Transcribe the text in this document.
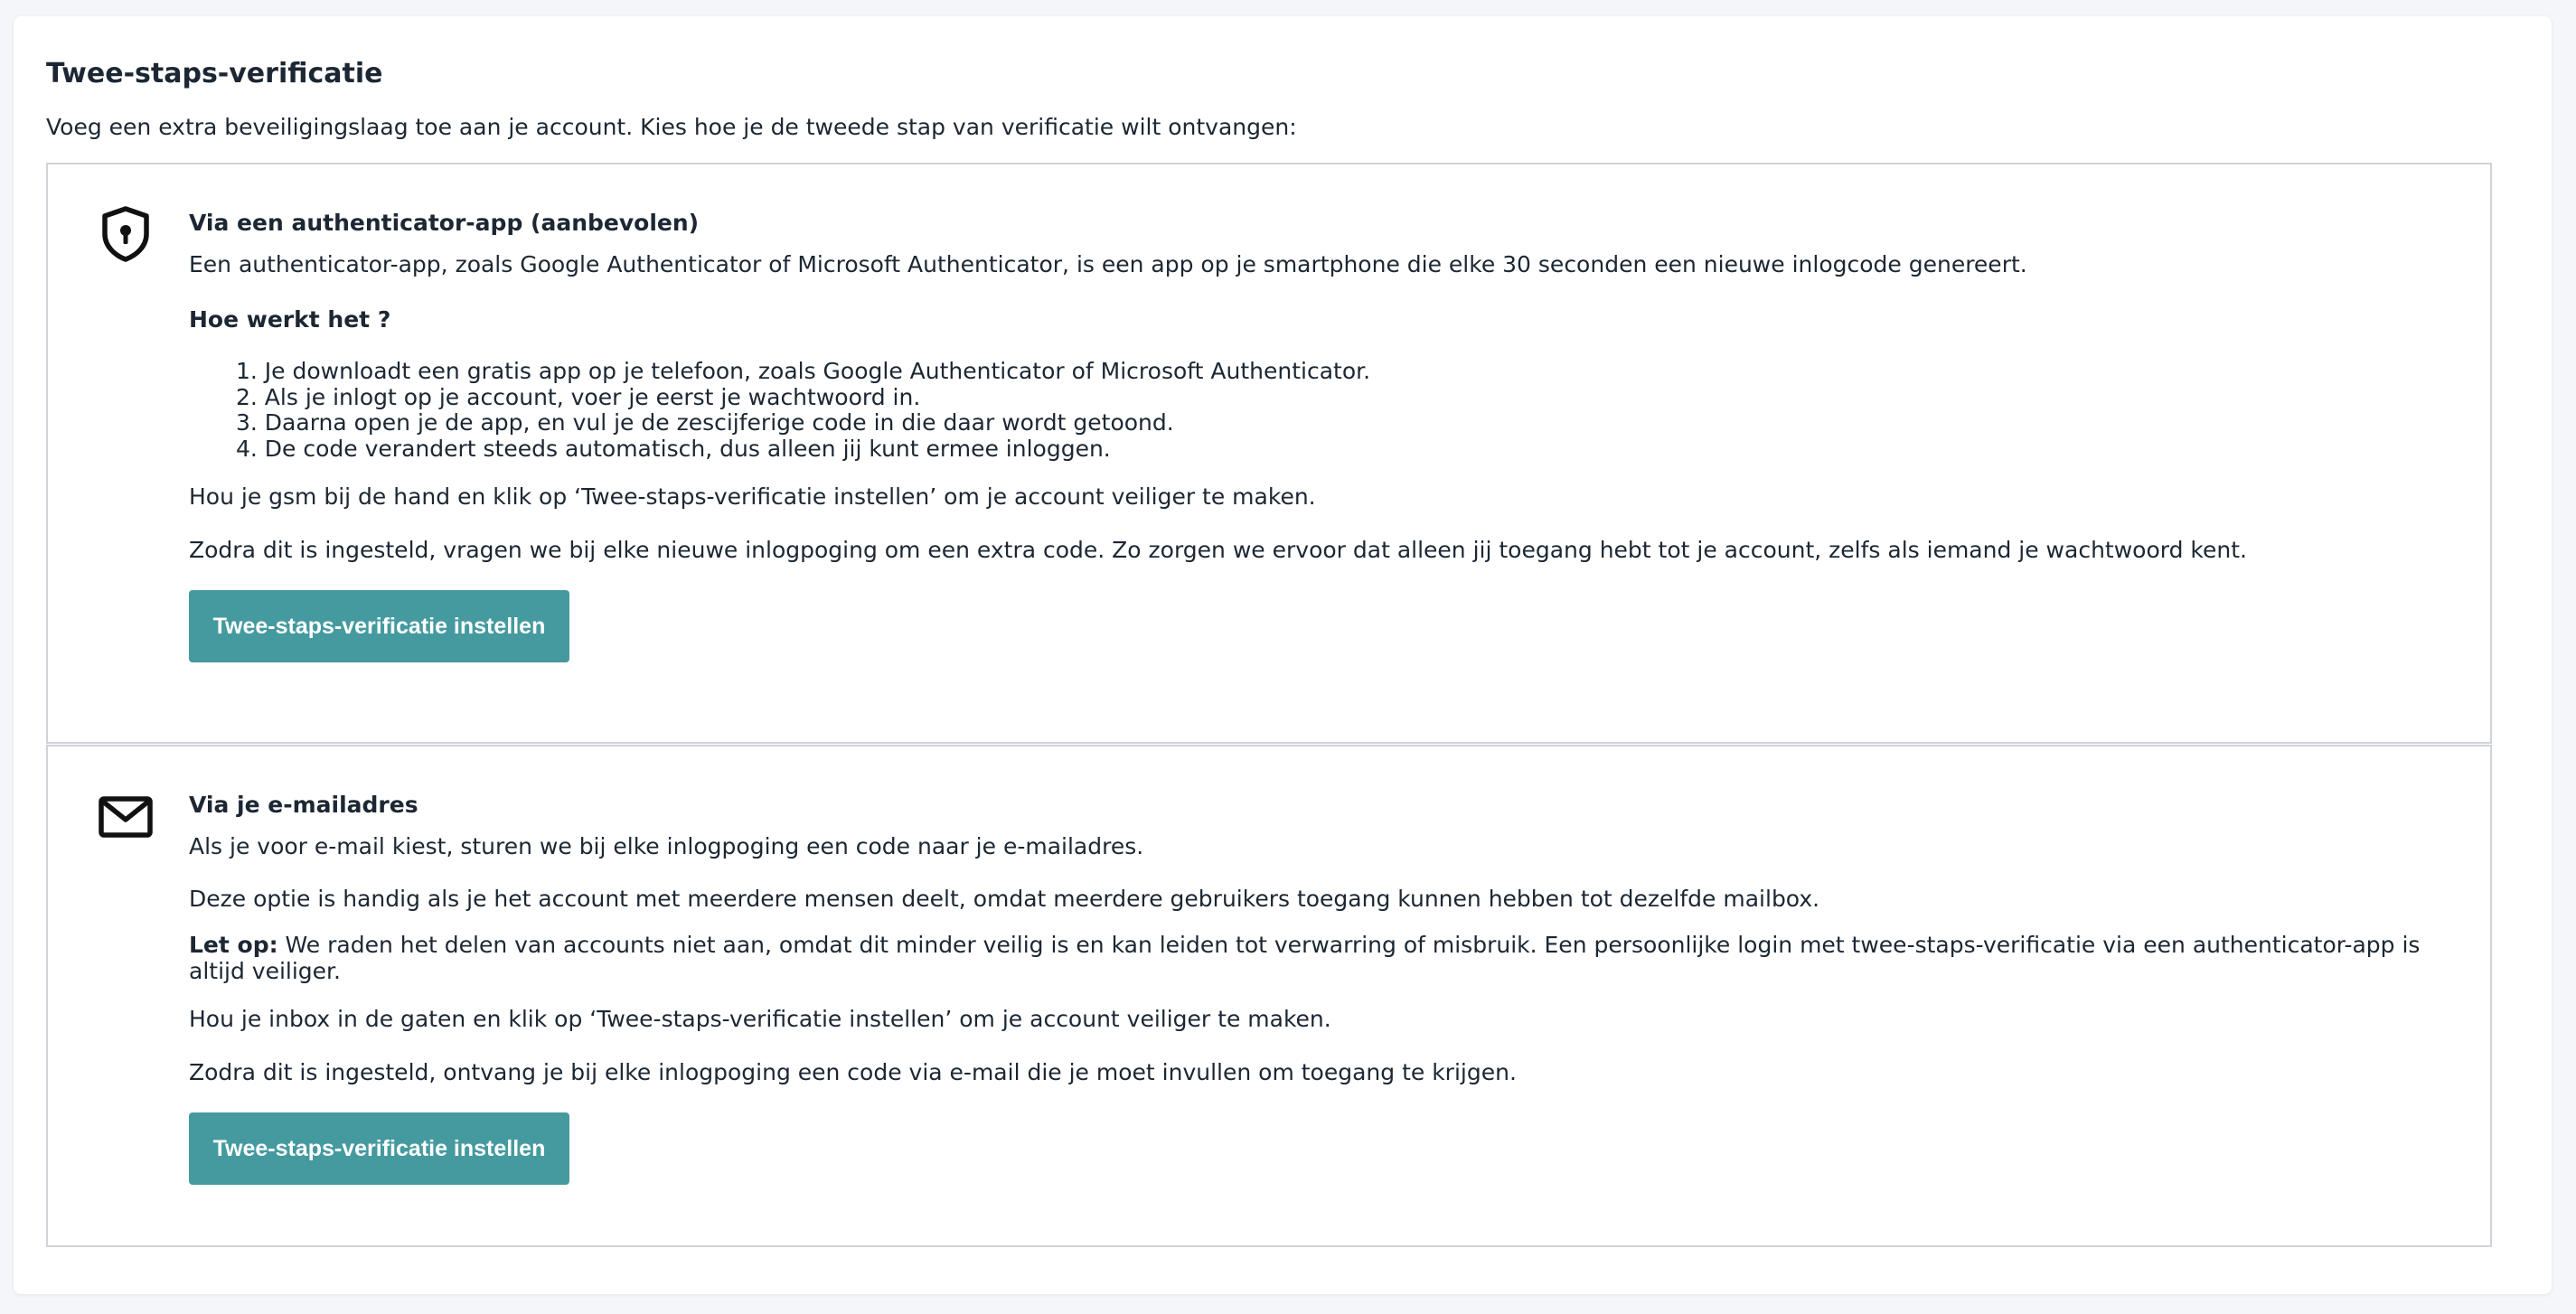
Twee-staps-verificatie

Voeg een extra beveiligingslaag toe aan je account. Kies hoe je de tweede stap van verificatie wilt ontvangen:

Via een authenticator-app (aanbevolen)

Een authenticator-app, zoals Google Authenticator of Microsoft Authenticator, is een app op je smartphone die elke 30 seconden een nieuwe inlogcode genereert.

Hoe werkt het ?
1. Je downloadt een gratis app op je telefoon, zoals Google Authenticator of Microsoft Authenticator.
2. Als je inlogt op je account, voer je eerst je wachtwoord in.
3. Daarna open je de app, en vul je de zescijferige code in die daar wordt getoond.
4. De code verandert steeds automatisch, dus alleen jij kunt ermee inloggen.

Hou je gsm bij de hand en klik op ‘Twee-staps-verificatie instellen’ om je account veiliger te maken.

Zodra dit is ingesteld, vragen we bij elke nieuwe inlogpoging om een extra code. Zo zorgen we ervoor dat alleen jij toegang hebt tot je account, zelfs als iemand je wachtwoord kent.

Twee-staps-verificatie instellen
Via je e-mailadres

Als je voor e-mail kiest, sturen we bij elke inlogpoging een code naar je e-mailadres.

Deze optie is handig als je het account met meerdere mensen deelt, omdat meerdere gebruikers toegang kunnen hebben tot dezelfde mailbox.

Let op: We raden het delen van accounts niet aan, omdat dit minder veilig is en kan leiden tot verwarring of misbruik. Een persoonlijke login met twee-staps-verificatie via een authenticator-app is altijd veiliger.

Hou je inbox in de gaten en klik op ‘Twee-staps-verificatie instellen’ om je account veiliger te maken.

Zodra dit is ingesteld, ontvang je bij elke inlogpoging een code via e-mail die je moet invullen om toegang te krijgen.

Twee-staps-verificatie instellen
